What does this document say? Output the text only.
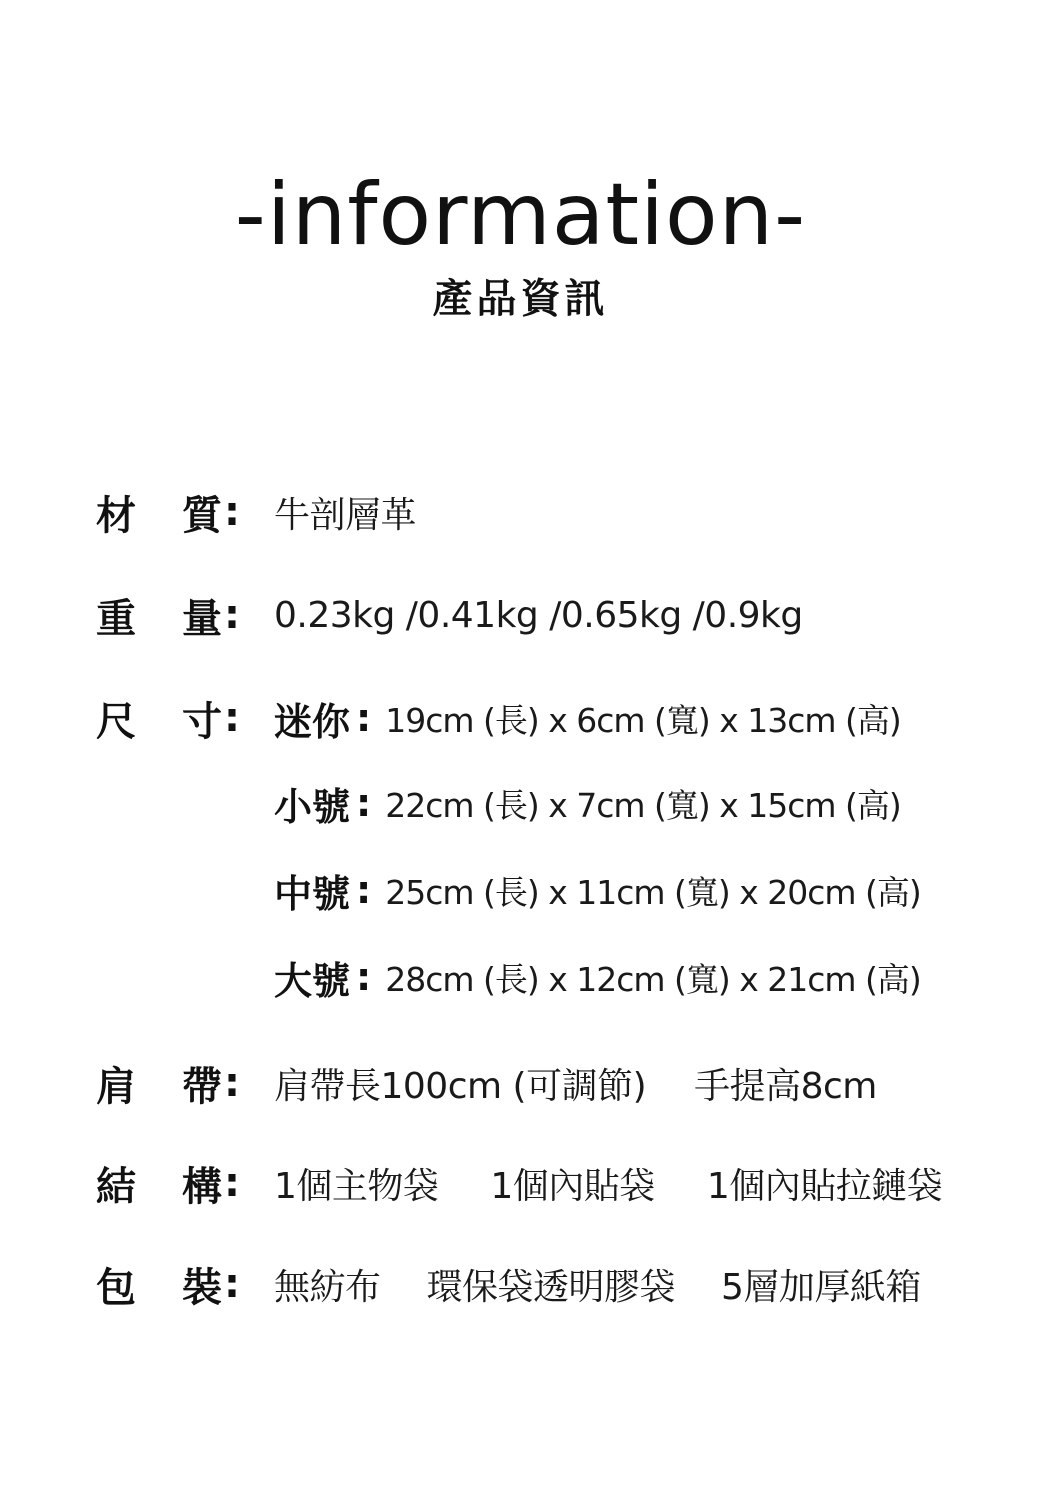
-information-
產品資訊
材	質 : 牛剖層革
重	量 : 0.23kg /0.41kg /0.65kg /0.9kg
尺	寸 : 迷你 : 19cm (長) x 6cm (寬) x 13cm (高)
小號 : 22cm (長) x 7cm (寬) x 15cm (高)
中號 : 25cm (長) x 11cm (寬) x 20cm (高)
大號 : 28cm (長) x 12cm (寬) x 21cm (高)
肩	帶 : 肩帶長100cm (可調節) 手提高8cm
結	構 : 1個主物袋 1個內貼袋 1個內貼拉鏈袋
包	裝 : 無紡布 環保袋透明膠袋 5層加厚紙箱
